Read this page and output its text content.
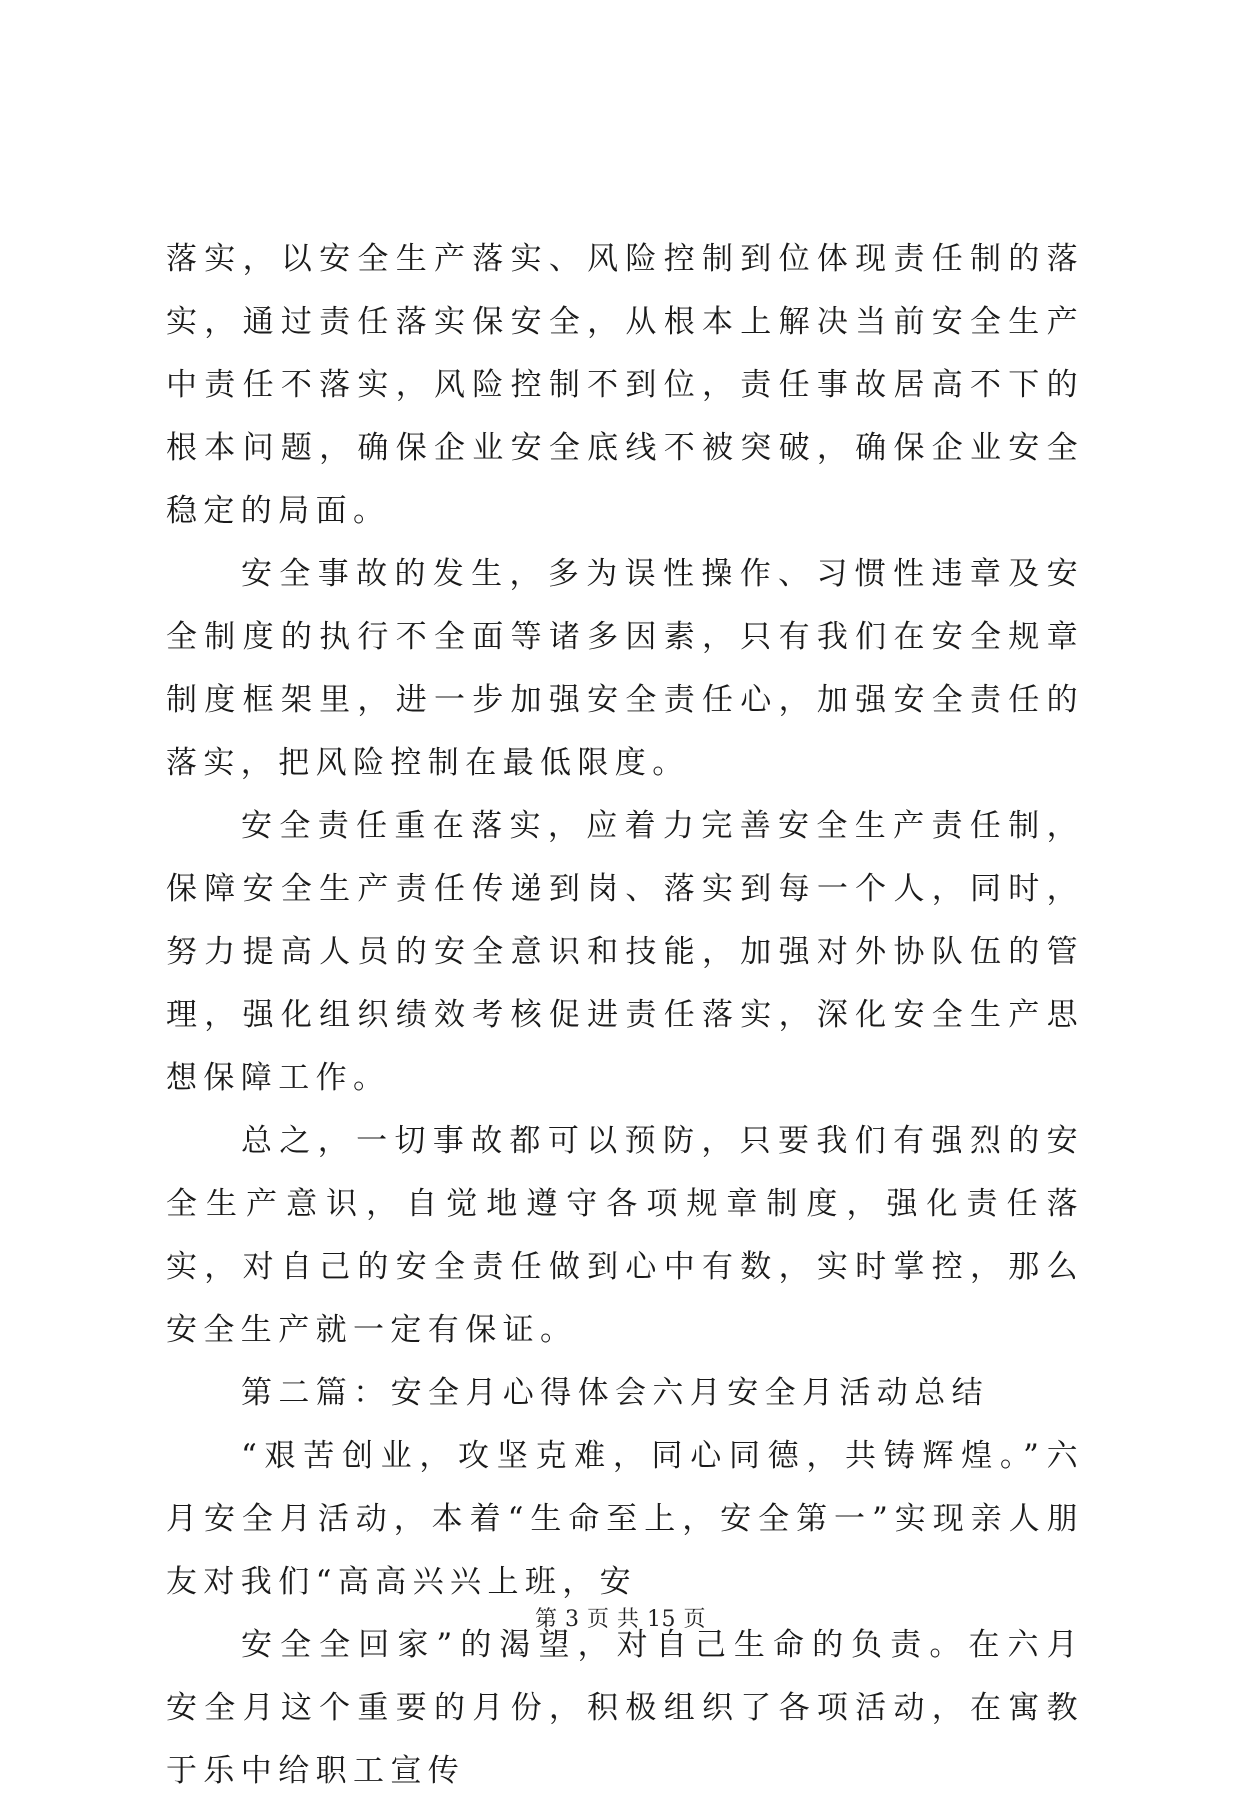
落实，以安全生产落实、风险控制到位体现责任制的落实，通过责任落实保安全，从根本上解决当前安全生产中责任不落实，风险控制不到位，责任事故居高不下的根本问题，确保企业安全底线不被突破，确保企业安全稳定的局面。

安全事故的发生，多为误性操作、习惯性违章及安全制度的执行不全面等诸多因素，只有我们在安全规章制度框架里，进一步加强安全责任心，加强安全责任的落实，把风险控制在最低限度。

安全责任重在落实，应着力完善安全生产责任制，保障安全生产责任传递到岗、落实到每一个人，同时，努力提高人员的安全意识和技能，加强对外协队伍的管理，强化组织绩效考核促进责任落实，深化安全生产思想保障工作。

总之，一切事故都可以预防，只要我们有强烈的安全生产意识，自觉地遵守各项规章制度，强化责任落实，对自己的安全责任做到心中有数，实时掌控，那么安全生产就一定有保证。

第二篇：安全月心得体会六月安全月活动总结

“艰苦创业，攻坚克难，同心同德，共铸辉煌。”六月安全月活动，本着“生命至上，安全第一”实现亲人朋友对我们“高高兴兴上班，安

安全全回家”的渴望，对自己生命的负责。在六月安全月这个重要的月份，积极组织了各项活动，在寓教于乐中给职工宣传

第 3 页 共 15 页
